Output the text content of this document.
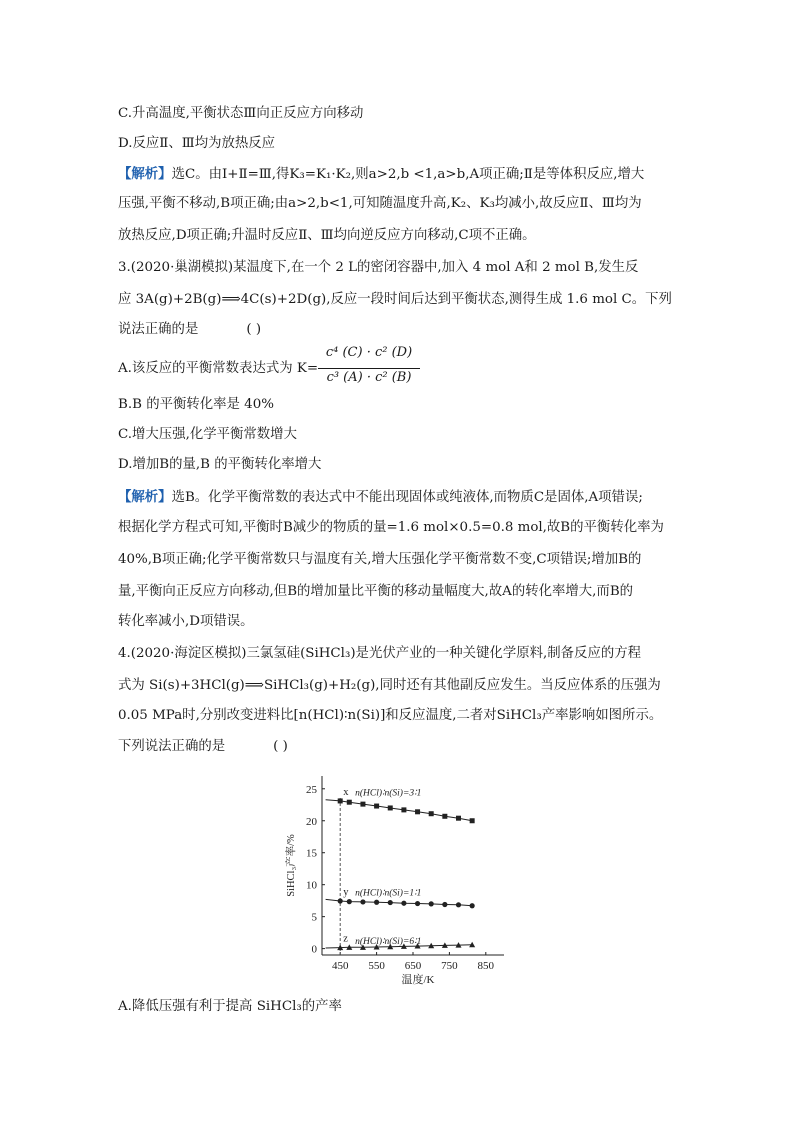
C.升高温度,平衡状态Ⅲ向正反应方向移动
D.反应Ⅱ、Ⅲ均为放热反应
【解析】选C。由Ⅰ+Ⅱ=Ⅲ,得K₃=K₁·K₂,则a>2,b <1,a>b,A项正确;Ⅱ是等体积反应,增大
压强,平衡不移动,B项正确;由a>2,b<1,可知随温度升高,K₂、K₃均减小,故反应Ⅱ、Ⅲ均为
放热反应,D项正确;升温时反应Ⅱ、Ⅲ均向逆反应方向移动,C项不正确。
3.(2020·巢湖模拟)某温度下,在一个 2 L的密闭容器中,加入 4 mol A和 2 mol B,发生反
应 3A(g)+2B(g)⟹4C(s)+2D(g),反应一段时间后达到平衡状态,测得生成 1.6 mol C。下列
说法正确的是	( )
A.该反应的平衡常数表达式为 K=
c⁴ (C) · c² (D)
c³ (A) · c² (B)
B.B 的平衡转化率是 40%
C.增大压强,化学平衡常数增大
D.增加B的量,B 的平衡转化率增大
【解析】选B。化学平衡常数的表达式中不能出现固体或纯液体,而物质C是固体,A项错误;
根据化学方程式可知,平衡时B减少的物质的量=1.6 mol×0.5=0.8 mol,故B的平衡转化率为
40%,B项正确;化学平衡常数只与温度有关,增大压强化学平衡常数不变,C项错误;增加B的
量,平衡向正反应方向移动,但B的增加量比平衡的移动量幅度大,故A的转化率增大,而B的
转化率减小,D项错误。
4.(2020·海淀区模拟)三氯氢硅(SiHCl₃)是光伏产业的一种关键化学原料,制备反应的方程
式为 Si(s)+3HCl(g)⟹SiHCl₃(g)+H₂(g),同时还有其他副反应发生。当反应体系的压强为
0.05 MPa时,分别改变进料比[n(HCl)∶n(Si)]和反应温度,二者对SiHCl₃产率影响如图所示。
下列说法正确的是	( )
450 550 650 750 850
0
5
10
15
20
25
温度/K
SiHCl₃产率/%
x n(HCl)∶n(Si)=3∶1
y n(HCl)∶n(Si)=1∶1
z n(HCl)∶n(Si)=6∶1
A.降低压强有利于提高 SiHCl₃的产率
